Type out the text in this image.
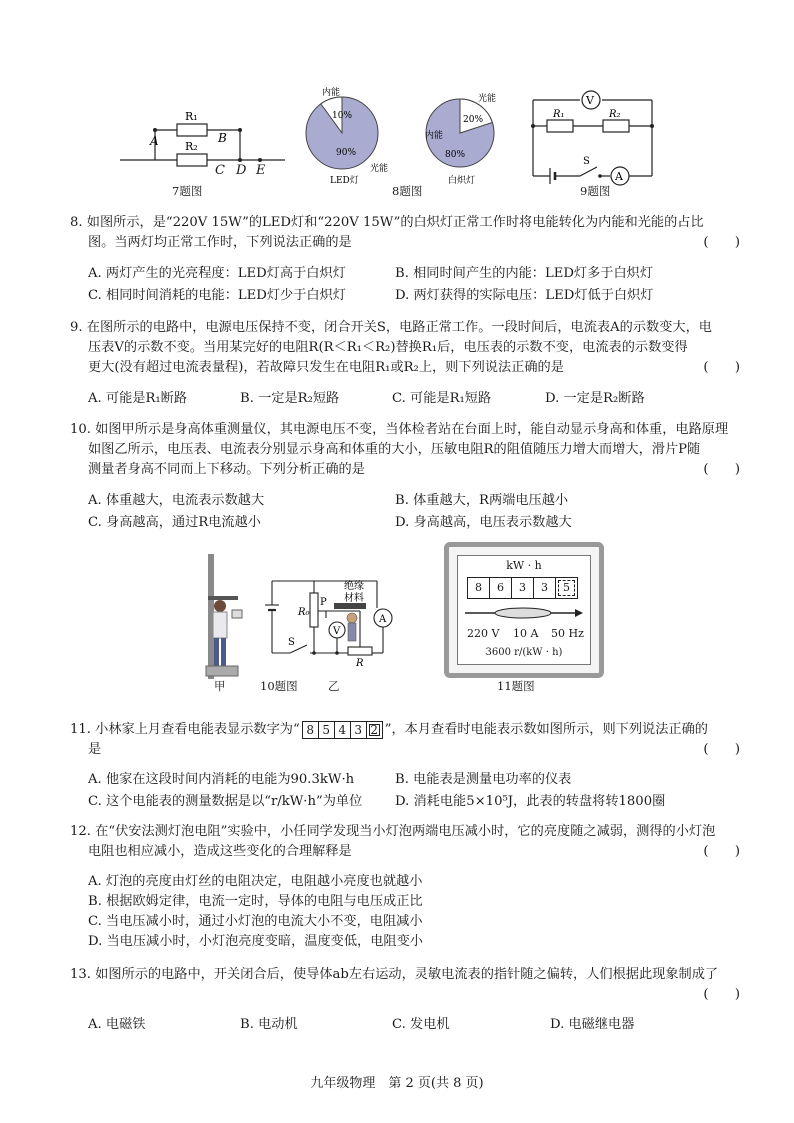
R₁
R₂
A	B
C D E
7题图
内能
10%
90%
光能
LED灯
光能
20%
内能
80%
白炽灯
8题图
V
R₁	R₂
S
A
9题图
8. 如图所示，是“220V 15W”的LED灯和“220V 15W”的白炽灯正常工作时将电能转化为内能和光能的占比
图。当两灯均正常工作时，下列说法正确的是	(　　)
A. 两灯产生的光亮程度：LED灯高于白炽灯	B. 相同时间产生的内能：LED灯多于白炽灯
C. 相同时间消耗的电能：LED灯少于白炽灯	D. 两灯获得的实际电压：LED灯低于白炽灯
9. 在图所示的电路中，电源电压保持不变，闭合开关S，电路正常工作。一段时间后，电流表A的示数变大，电
压表V的示数不变。当用某完好的电阻R(R＜R₁＜R₂)替换R₁后，电压表的示数不变，电流表的示数变得
更大(没有超过电流表量程)，若故障只发生在电阻R₁或R₂上，则下列说法正确的是	(　　)
A. 可能是R₁断路	B. 一定是R₂短路	C. 可能是R₁短路	D. 一定是R₂断路
10. 如图甲所示是身高体重测量仪，其电源电压不变，当体检者站在台面上时，能自动显示身高和体重，电路原理
如图乙所示，电压表、电流表分别显示身高和体重的大小，压敏电阻R的阻值随压力增大而增大，滑片P随
测量者身高不同而上下移动。下列分析正确的是	(　　)
A. 体重越大，电流表示数越大	B. 体重越大，R两端电压越小
C. 身高越高，通过R电流越小	D. 身高越高，电压表示数越大
甲
R₀
P
绝缘
材料
A
V
S
R
10题图	乙
kW · h
8	6	3	3	5
220 V 10 A 50 Hz
3600 r/(kW · h)
11题图
11. 小林家上月查看电能表显示数字为“ 8 5 4 3 2 ”，本月查看时电能表示数如图所示，则下列说法正确的
是	(　　)
A. 他家在这段时间内消耗的电能为90.3kW·h	B. 电能表是测量电功率的仪表
C. 这个电能表的测量数据是以“r/kW·h”为单位 D. 消耗电能5×10⁵J，此表的转盘将转1800圈
12. 在“伏安法测灯泡电阻”实验中，小任同学发现当小灯泡两端电压减小时，它的亮度随之减弱，测得的小灯泡
电阻也相应减小，造成这些变化的合理解释是	(　　)
A. 灯泡的亮度由灯丝的电阻决定，电阻越小亮度也就越小
B. 根据欧姆定律，电流一定时，导体的电阻与电压成正比
C. 当电压减小时，通过小灯泡的电流大小不变，电阻减小
D. 当电压减小时，小灯泡亮度变暗，温度变低，电阻变小
13. 如图所示的电路中，开关闭合后，使导体ab左右运动，灵敏电流表的指针随之偏转，人们根据此现象制成了
(　　)
A. 电磁铁	B. 电动机	C. 发电机	D. 电磁继电器
九年级物理　第 2 页(共 8 页)
